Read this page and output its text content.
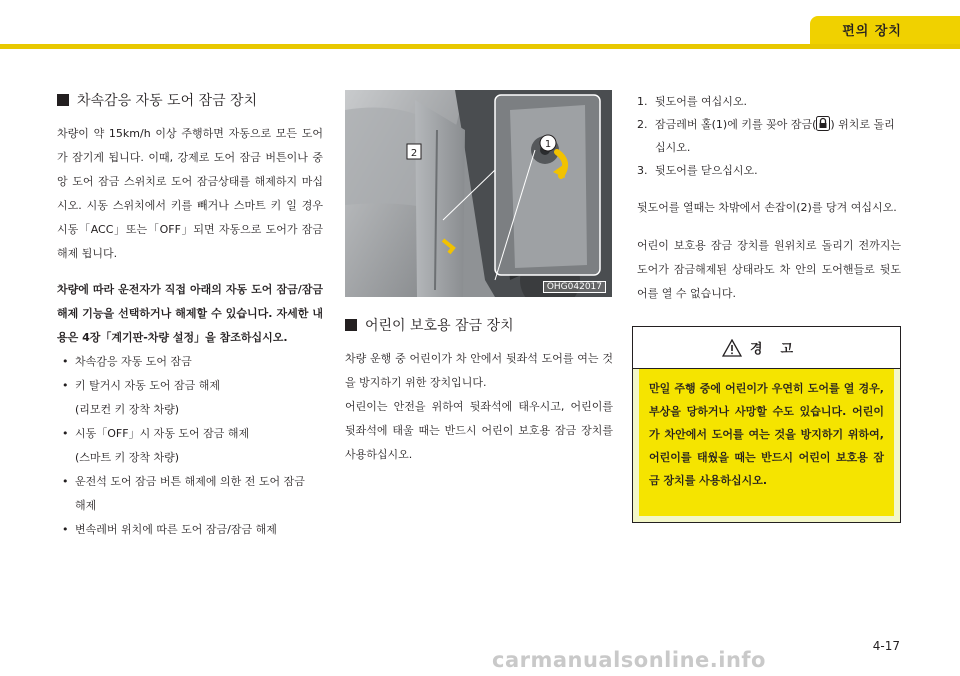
편의 장치
차속감응 자동 도어 잠금 장치

차량이 약 15km/h 이상 주행하면 자동으로 모든 도어가 잠기게 됩니다. 이때, 강제로 도어 잠금 버튼이나 중앙 도어 잠금 스위치로 도어 잠금상태를 해제하지 마십시오. 시동 스위치에서 키를 빼거나 스마트 키 일 경우 시동「ACC」또는「OFF」되면 자동으로 도어가 잠금 해제 됩니다.

차량에 따라 운전자가 직접 아래의 자동 도어 잠금/잠금 해제 기능을 선택하거나 해제할 수 있습니다. 자세한 내용은 4장「계기판-차량 설정」을 참조하십시오.

• 차속감응 자동 도어 잠금
• 키 탈거시 자동 도어 잠금 해제
(리모컨 키 장착 차량)
• 시동「OFF」시 자동 도어 잠금 해제
(스마트 키 장착 차량)
• 운전석 도어 잠금 버튼 해제에 의한 전 도어 잠금
해제
• 변속레버 위치에 따른 도어 잠금/잠금 해제
1
2
OHG042017
어린이 보호용 잠금 장치

차량 운행 중 어린이가 차 안에서 뒷좌석 도어를 여는 것을 방지하기 위한 장치입니다.

어린이는 안전을 위하여 뒷좌석에 태우시고, 어린이를 뒷좌석에 태울 때는 반드시 어린이 보호용 잠금 장치를 사용하십시오.

1. 뒷도어를 여십시오.
2. 잠금레버 홀(1)에 키를 꽂아 잠금( ) 위치로 돌리십시오.
3. 뒷도어를 닫으십시오.

뒷도어를 열때는 차밖에서 손잡이(2)를 당겨 여십시오.

어린이 보호용 잠금 장치를 원위치로 돌리기 전까지는 도어가 잠금해제된 상태라도 차 안의 도어핸들로 뒷도어를 열 수 없습니다.

경고

만일 주행 중에 어린이가 우연히 도어를 열 경우, 부상을 당하거나 사망할 수도 있습니다. 어린이가 차안에서 도어를 여는 것을 방지하기 위하여, 어린이를 태웠을 때는 반드시 어린이 보호용 잠금 장치를 사용하십시오.

4-17
carmanualsonline.info
